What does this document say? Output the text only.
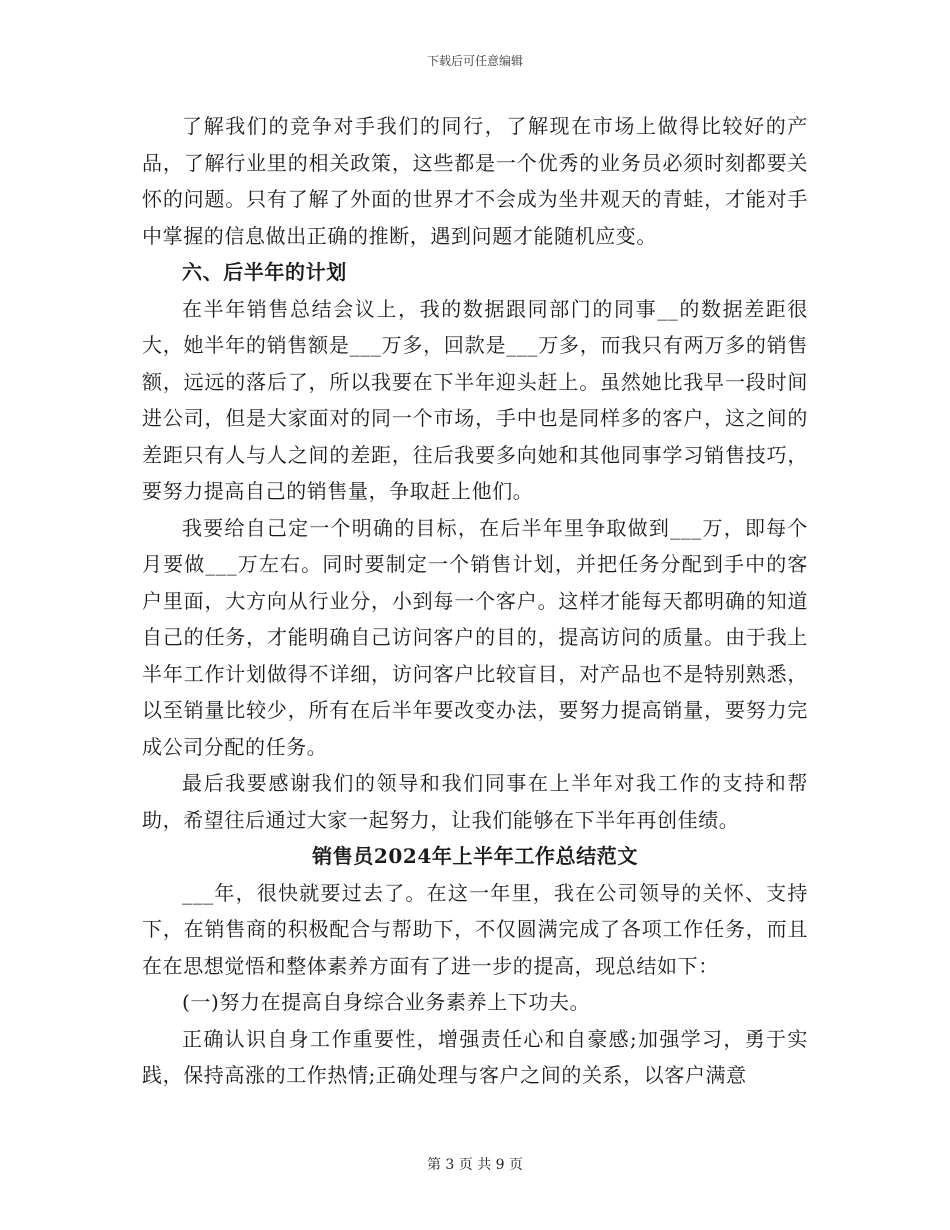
下载后可任意编辑

了解我们的竞争对手我们的同行，了解现在市场上做得比较好的产品，了解行业里的相关政策，这些都是一个优秀的业务员必须时刻都要关怀的问题。只有了解了外面的世界才不会成为坐井观天的青蛙，才能对手中掌握的信息做出正确的推断，遇到问题才能随机应变。

六、后半年的计划

在半年销售总结会议上，我的数据跟同部门的同事__的数据差距很大，她半年的销售额是___万多，回款是___万多，而我只有两万多的销售额，远远的落后了，所以我要在下半年迎头赶上。虽然她比我早一段时间进公司，但是大家面对的同一个市场，手中也是同样多的客户，这之间的差距只有人与人之间的差距，往后我要多向她和其他同事学习销售技巧，要努力提高自己的销售量，争取赶上他们。

我要给自己定一个明确的目标，在后半年里争取做到___万，即每个月要做___万左右。同时要制定一个销售计划，并把任务分配到手中的客户里面，大方向从行业分，小到每一个客户。这样才能每天都明确的知道自己的任务，才能明确自己访问客户的目的，提高访问的质量。由于我上半年工作计划做得不详细，访问客户比较盲目，对产品也不是特别熟悉，以至销量比较少，所有在后半年要改变办法，要努力提高销量，要努力完成公司分配的任务。

最后我要感谢我们的领导和我们同事在上半年对我工作的支持和帮助，希望往后通过大家一起努力，让我们能够在下半年再创佳绩。

销售员2024年上半年工作总结范文

___年，很快就要过去了。在这一年里，我在公司领导的关怀、支持下，在销售商的积极配合与帮助下，不仅圆满完成了各项工作任务，而且在在思想觉悟和整体素养方面有了进一步的提高，现总结如下：

(一)努力在提高自身综合业务素养上下功夫。

正确认识自身工作重要性，增强责任心和自豪感;加强学习，勇于实践，保持高涨的工作热情;正确处理与客户之间的关系，以客户满意

第 3 页 共 9 页
